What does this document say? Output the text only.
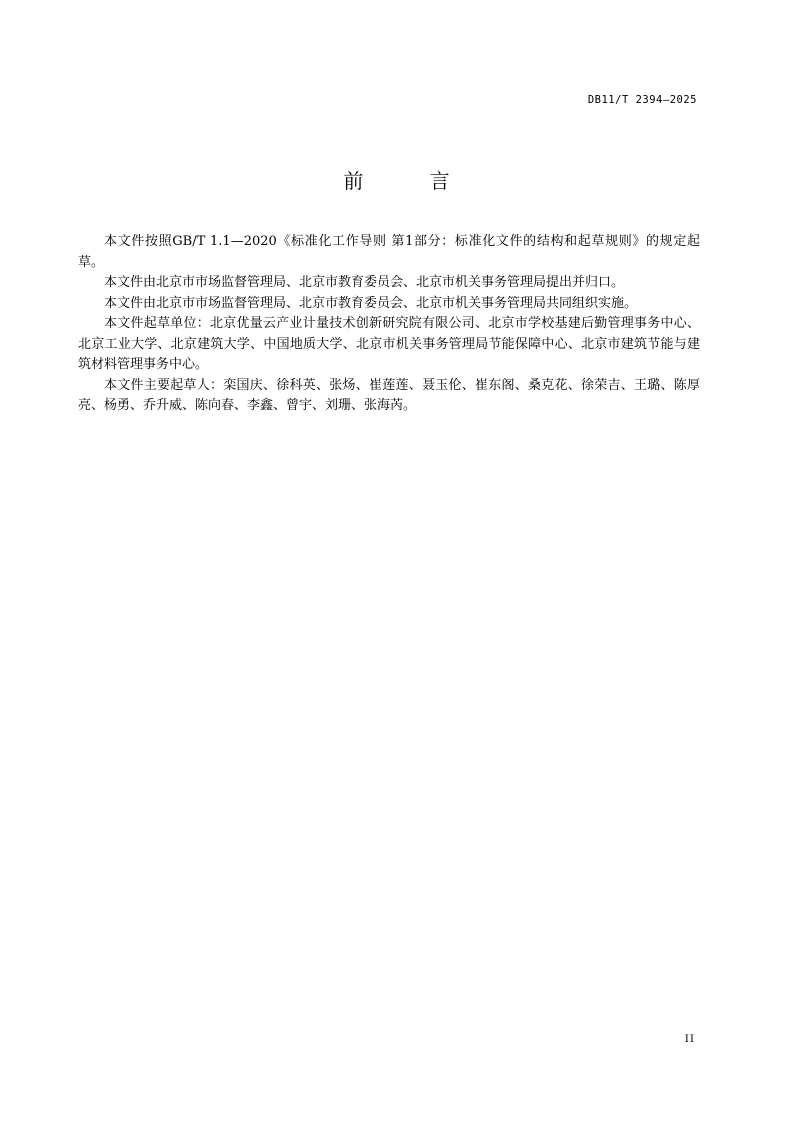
DB11/T 2394—2025
前 言

本文件按照GB/T 1.1—2020《标准化工作导则 第1部分：标准化文件的结构和起草规则》的规定起草。

本文件由北京市市场监督管理局、北京市教育委员会、北京市机关事务管理局提出并归口。

本文件由北京市市场监督管理局、北京市教育委员会、北京市机关事务管理局共同组织实施。

本文件起草单位：北京优量云产业计量技术创新研究院有限公司、北京市学校基建后勤管理事务中心、北京工业大学、北京建筑大学、中国地质大学、北京市机关事务管理局节能保障中心、北京市建筑节能与建筑材料管理事务中心。

本文件主要起草人：栾国庆、徐科英、张炀、崔莲莲、聂玉伦、崔东阁、桑克花、徐荣吉、王璐、陈厚亮、杨勇、乔升威、陈向春、李鑫、曾宇、刘珊、张海芮。

II
